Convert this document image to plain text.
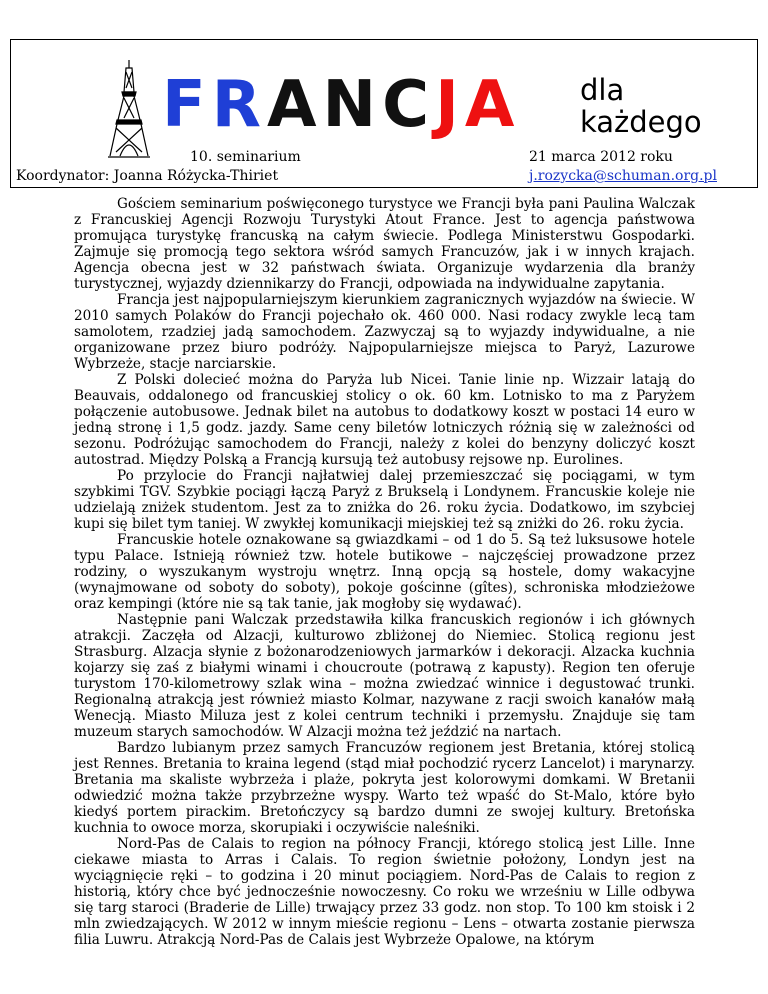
FRANCJA dla
każdego
10. seminarium	21 marca 2012 roku
Koordynator: Joanna Różycka-Thiriet	j.rozycka@schuman.org.pl

Gościem seminarium poświęconego turystyce we Francji była pani Paulina Walczak z Francuskiej Agencji Rozwoju Turystyki Atout France. Jest to agencja państwowa promująca turystykę francuską na całym świecie. Podlega Ministerstwu Gospodarki. Zajmuje się promocją tego sektora wśród samych Francuzów, jak i w innych krajach. Agencja obecna jest w 32 państwach świata. Organizuje wydarzenia dla branży turystycznej, wyjazdy dziennikarzy do Francji, odpowiada na indywidualne zapytania.

Francja jest najpopularniejszym kierunkiem zagranicznych wyjazdów na świecie. W 2010 samych Polaków do Francji pojechało ok. 460 000. Nasi rodacy zwykle lecą tam samolotem, rzadziej jadą samochodem. Zazwyczaj są to wyjazdy indywidualne, a nie organizowane przez biuro podróży. Najpopularniejsze miejsca to Paryż, Lazurowe Wybrzeże, stacje narciarskie.

Z Polski dolecieć można do Paryża lub Nicei. Tanie linie np. Wizzair latają do Beauvais, oddalonego od francuskiej stolicy o ok. 60 km. Lotnisko to ma z Paryżem połączenie autobusowe. Jednak bilet na autobus to dodatkowy koszt w postaci 14 euro w jedną stronę i 1,5 godz. jazdy. Same ceny biletów lotniczych różnią się w zależności od sezonu. Podróżując samochodem do Francji, należy z kolei do benzyny doliczyć koszt autostrad. Między Polską a Francją kursują też autobusy rejsowe np. Eurolines.

Po przylocie do Francji najłatwiej dalej przemieszczać się pociągami, w tym szybkimi TGV. Szybkie pociągi łączą Paryż z Brukselą i Londynem. Francuskie koleje nie udzielają zniżek studentom. Jest za to zniżka do 26. roku życia. Dodatkowo, im szybciej kupi się bilet tym taniej. W zwykłej komunikacji miejskiej też są zniżki do 26. roku życia.

Francuskie hotele oznakowane są gwiazdkami – od 1 do 5. Są też luksusowe hotele typu Palace. Istnieją również tzw. hotele butikowe – najczęściej prowadzone przez rodziny, o wyszukanym wystroju wnętrz. Inną opcją są hostele, domy wakacyjne (wynajmowane od soboty do soboty), pokoje gościnne (gîtes), schroniska młodzieżowe oraz kempingi (które nie są tak tanie, jak mogłoby się wydawać).

Następnie pani Walczak przedstawiła kilka francuskich regionów i ich głównych atrakcji. Zaczęła od Alzacji, kulturowo zbliżonej do Niemiec. Stolicą regionu jest Strasburg. Alzacja słynie z bożonarodzeniowych jarmarków i dekoracji. Alzacka kuchnia kojarzy się zaś z białymi winami i choucroute (potrawą z kapusty). Region ten oferuje turystom 170-kilometrowy szlak wina – można zwiedzać winnice i degustować trunki. Regionalną atrakcją jest również miasto Kolmar, nazywane z racji swoich kanałów małą Wenecją. Miasto Miluza jest z kolei centrum techniki i przemysłu. Znajduje się tam muzeum starych samochodów. W Alzacji można też jeździć na nartach.

Bardzo lubianym przez samych Francuzów regionem jest Bretania, której stolicą jest Rennes. Bretania to kraina legend (stąd miał pochodzić rycerz Lancelot) i marynarzy. Bretania ma skaliste wybrzeża i plaże, pokryta jest kolorowymi domkami. W Bretanii odwiedzić można także przybrzeżne wyspy. Warto też wpaść do St-Malo, które było kiedyś portem pirackim. Bretończycy są bardzo dumni ze swojej kultury. Bretońska kuchnia to owoce morza, skorupiaki i oczywiście naleśniki.

Nord-Pas de Calais to region na północy Francji, którego stolicą jest Lille. Inne ciekawe miasta to Arras i Calais. To region świetnie położony, Londyn jest na wyciągnięcie ręki – to godzina i 20 minut pociągiem. Nord-Pas de Calais to region z historią, który chce być jednocześnie nowoczesny. Co roku we wrześniu w Lille odbywa się targ staroci (Braderie de Lille) trwający przez 33 godz. non stop. To 100 km stoisk i 2 mln zwiedzających. W 2012 w innym mieście regionu – Lens – otwarta zostanie pierwsza filia Luwru. Atrakcją Nord-Pas de Calais jest Wybrzeże Opalowe, na którym
